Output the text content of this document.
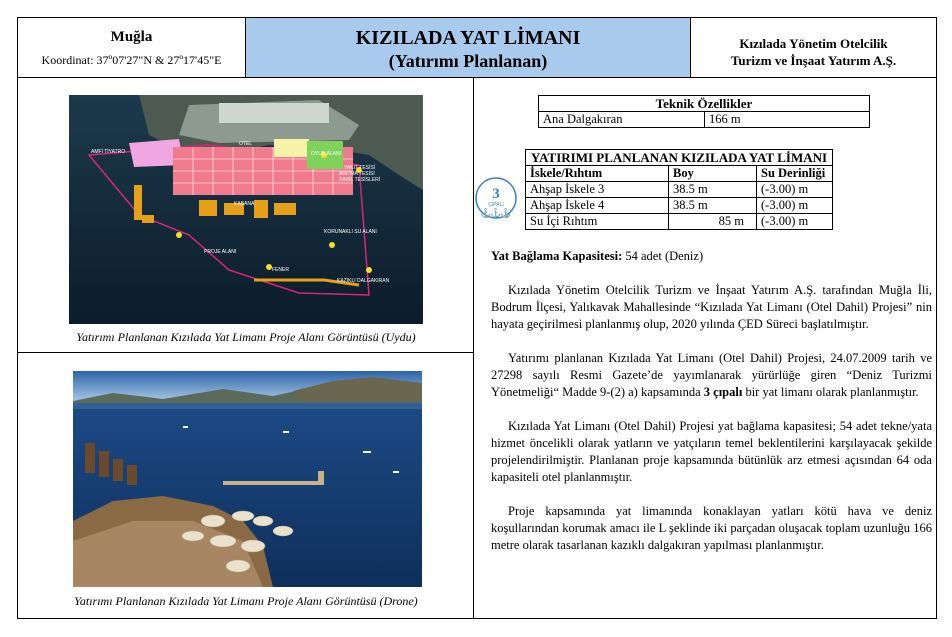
Muğla
Koordinat: 37º07'27"N & 27º17'45"E
KIZILADA YAT LİMANI
(Yatırımı Planlanan)
Kızılada Yönetim Otelcilik
Turizm ve İnşaat Yatırım A.Ş.
AMFİ TİYATRO
OTEL
OYUN ALANI
ARITMA TESİSİ
YAKIT TESİSİ
SAHİL TESİSLERİ
KABANA
PROJE ALANI
KORUNAKLI SU ALANI
FENER
KAZIKLI DALGAKIRAN
Yatırımı Planlanan Kızılada Yat Limanı Proje Alanı Görüntüsü (Uydu)
Yatırımı Planlanan Kızılada Yat Limanı Proje Alanı Görüntüsü (Drone)
Teknik Özellikler
Ana Dalgakıran	166 m
3
ÇIPALI
⚓
⚓
⚓
YATIRIMI PLANLANAN KIZILADA YAT LİMANI		
İskele/Rıhtım	Boy	Su Derinliği
Ahşap İskele 3	38.5 m	(-3.00) m
Ahşap İskele 4	38.5 m	(-3.00) m
Su İçi Rıhtım	85 m	(-3.00) m

Yat Bağlama Kapasitesi: 54 adet (Deniz)

Kızılada Yönetim Otelcilik Turizm ve İnşaat Yatırım A.Ş. tarafından Muğla İli, Bodrum İlçesi, Yalıkavak Mahallesinde “Kızılada Yat Limanı (Otel Dahil) Projesi” nin hayata geçirilmesi planlanmış olup, 2020 yılında ÇED Süreci başlatılmıştır.

Yatırımı planlanan Kızılada Yat Limanı (Otel Dahil) Projesi, 24.07.2009 tarih ve 27298 sayılı Resmi Gazete’de yayımlanarak yürürlüğe giren “Deniz Turizmi Yönetmeliği“ Madde 9-(2) a) kapsamında 3 çıpalı bir yat limanı olarak planlanmıştır.

Kızılada Yat Limanı (Otel Dahil) Projesi yat bağlama kapasitesi; 54 adet tekne/yata hizmet öncelikli olarak yatların ve yatçıların temel beklentilerini karşılayacak şekilde projelendirilmiştir. Planlanan proje kapsamında bütünlük arz etmesi açısından 64 oda kapasiteli otel planlanmıştır.

Proje kapsamında yat limanında konaklayan yatları kötü hava ve deniz koşullarından korumak amacı ile L şeklinde iki parçadan oluşacak toplam uzunluğu 166 metre olarak tasarlanan kazıklı dalgakıran yapılması planlanmıştır.
